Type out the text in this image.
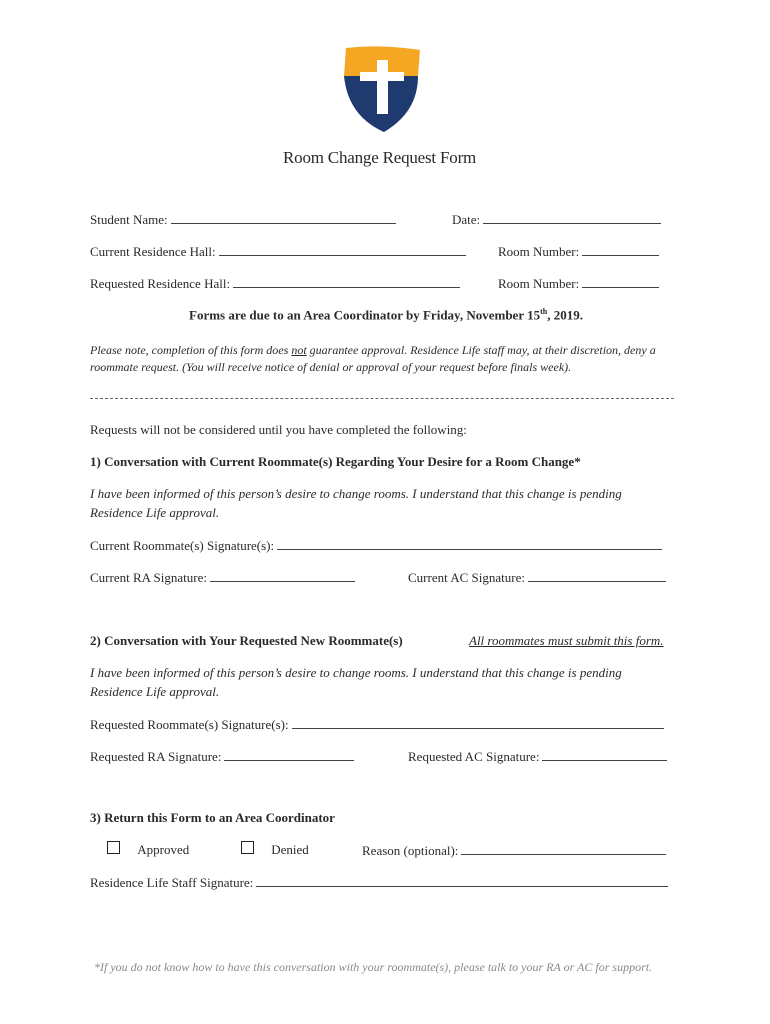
Room Change Request Form
Student Name:	Date:
Current Residence Hall:	Room Number:
Requested Residence Hall:	Room Number:
Forms are due to an Area Coordinator by Friday, November 15th, 2019.
Please note, completion of this form does not guarantee approval. Residence Life staff may, at their discretion, deny a
roommate request. (You will receive notice of denial or approval of your request before finals week).
Requests will not be considered until you have completed the following:
1) Conversation with Current Roommate(s) Regarding Your Desire for a Room Change*
I have been informed of this person’s desire to change rooms. I understand that this change is pending
Residence Life approval.
Current Roommate(s) Signature(s):
Current RA Signature:	Current AC Signature:
2) Conversation with Your Requested New Roommate(s)	All roommates must submit this form.
I have been informed of this person’s desire to change rooms. I understand that this change is pending
Residence Life approval.
Requested Roommate(s) Signature(s):
Requested RA Signature:	Requested AC Signature:
3) Return this Form to an Area Coordinator
Approved	Denied	Reason (optional):
Residence Life Staff Signature:
*If you do not know how to have this conversation with your roommate(s), please talk to your RA or AC for support.
